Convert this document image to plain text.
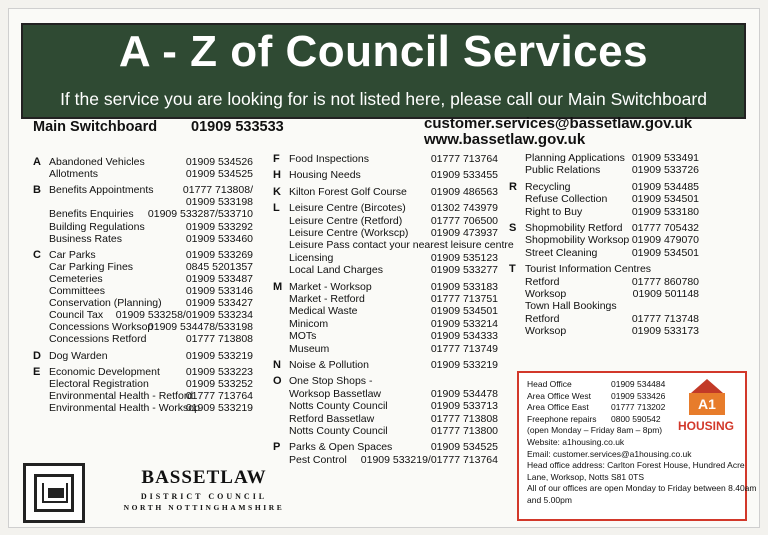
A - Z of Council Services
If the service you are looking for is not listed here, please call our Main Switchboard
Main Switchboard 01909 533533	customer.services@bassetlaw.gov.uk
www.bassetlaw.gov.uk
A Abandoned Vehicles	01909 534526
Allotments	01909 534525
B Benefits Appointments	01777 713808/
01909 533198
Benefits Enquiries 01909 533287/533710
Building Regulations	01909 533292
Business Rates	01909 533460
C Car Parks	01909 533269
Car Parking Fines	0845 5201357
Cemeteries	01909 533487
Committees	01909 533146
Conservation (Planning) 01909 533427
Council Tax 01909 533258/01909 533234
Concessions Worksop
01909 534478/533198
Concessions Retford	01777 713808
D Dog Warden	01909 533219
E Economic Development 01909 533223
Electoral Registration	01909 533252
Environmental Health - Retford
01777 713764
Environmental Health - Worksop
01909 533219
F Food Inspections	01777 713764
H Housing Needs	01909 533455
K Kilton Forest Golf Course 01909 486563
L Leisure Centre (Bircotes) 01302 743979
Leisure Centre (Retford)	01777 706500
Leisure Centre (Workscp) 01909 473937
Leisure Pass contact your nearest leisure centre
Licensing	01909 535123
Local Land Charges	01909 533277
M Market - Worksop	01909 533183
Market - Retford	01777 713751
Medical Waste	01909 534501
Minicom	01909 533214
MOTs	01909 534333
Museum	01777 713749
N Noise & Pollution	01909 533219
O One Stop Shops -
Worksop Bassetlaw	01909 534478
Notts County Council	01909 533713
Retford Bassetlaw	01777 713808
Notts County Council	01777 713800
P Parks & Open Spaces	01909 534525
Pest Control 01909 533219/01777 713764
Planning Applications 01909 533491
Public Relations	01909 533726
R Recycling	01909 534485
Refuse Collection 01909 534501
Right to Buy	01909 533180
S Shopmobility Retford 01777 705432
Shopmobility Worksop 01909 479070
Street Cleaning	01909 534501
T Tourist Information Centres
Retford	01777 860780
Worksop	01909 501148
Town Hall Bookings
Retford	01777 713748
Worksop	01909 533173
Head Office	01909 534484
Area Office West 01909 533426
Area Office East	01777 713202
Freephone repairs 0800 590542
(open Monday – Friday 8am – 8pm)
Website: a1housing.co.uk
Email: customer.services@a1housing.co.uk
Head office address: Carlton Forest House, Hundred Acre
Lane, Worksop, Notts S81 0TS
All of our offices are open Monday to Friday between 8.40am
and 5.00pm
A1
HOUSING
BASSETLAW
DISTRICT COUNCIL
NORTH NOTTINGHAMSHIRE
